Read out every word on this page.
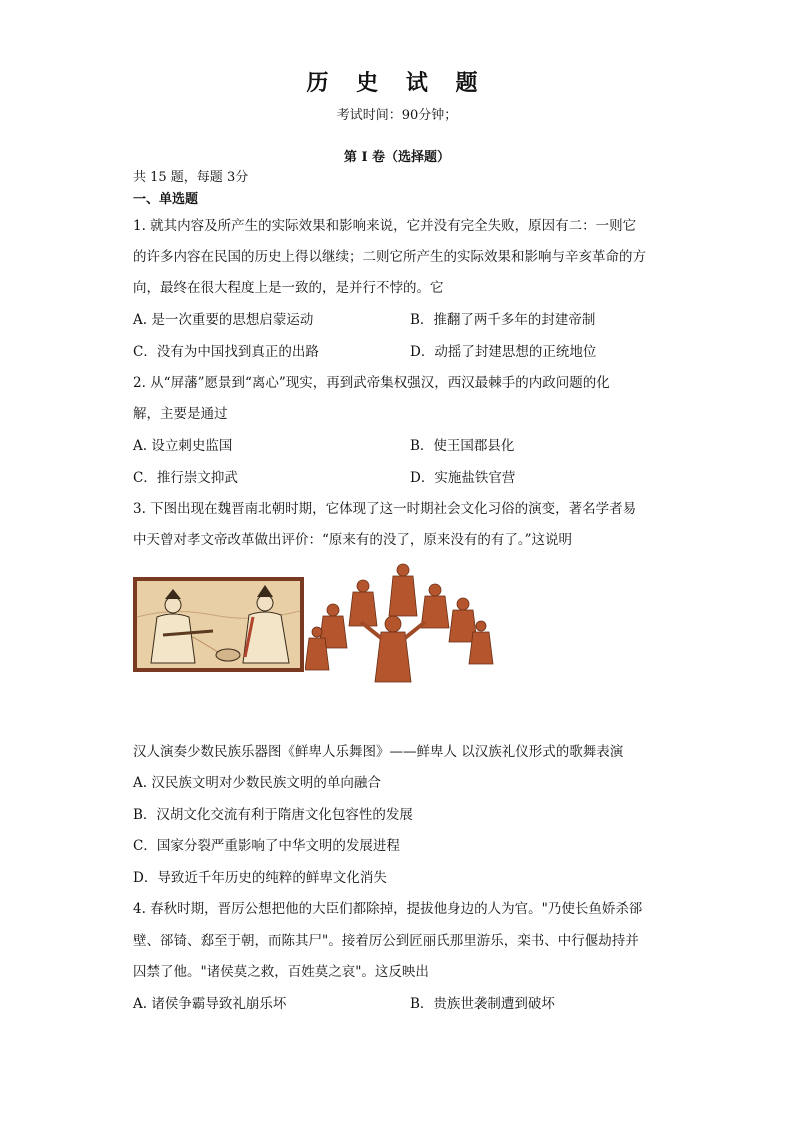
历 史 试 题
考试时间：90分钟；
第 Ⅰ 卷（选择题）
共 15 题，每题 3分
一、单选题
1. 就其内容及所产生的实际效果和影响来说，它并没有完全失败，原因有二：一则它
的许多内容在民国的历史上得以继续；二则它所产生的实际效果和影响与辛亥革命的方
向，最终在很大程度上是一致的，是并行不悖的。它
A. 是一次重要的思想启蒙运动	B．推翻了两千多年的封建帝制
C．没有为中国找到真正的出路	D．动摇了封建思想的正统地位
2. 从“屏藩”愿景到“离心”现实，再到武帝集权强汉，西汉最棘手的内政问题的化
解，主要是通过
A. 设立刺史监国	B．使王国郡县化
C．推行崇文抑武	D．实施盐铁官营
3. 下图出现在魏晋南北朝时期，它体现了这一时期社会文化习俗的演变，著名学者易
中天曾对孝文帝改革做出评价：“原来有的没了，原来没有的有了。”这说明
汉人演奏少数民族乐器图《鲜卑人乐舞图》——鲜卑人 以汉族礼仪形式的歌舞表演
A. 汉民族文明对少数民族文明的单向融合
B．汉胡文化交流有利于隋唐文化包容性的发展
C．国家分裂严重影响了中华文明的发展进程
D．导致近千年历史的纯粹的鲜卑文化消失
4. 春秋时期，晋厉公想把他的大臣们都除掉，提拔他身边的人为官。"乃使长鱼娇杀郤
壁、郤锜、郄至于朝，而陈其尸"。接着厉公到匠丽氏那里游乐，栾书、中行偃劫持并
囚禁了他。"诸侯莫之救，百姓莫之哀"。这反映出
A. 诸侯争霸导致礼崩乐坏	B．贵族世袭制遭到破坏
